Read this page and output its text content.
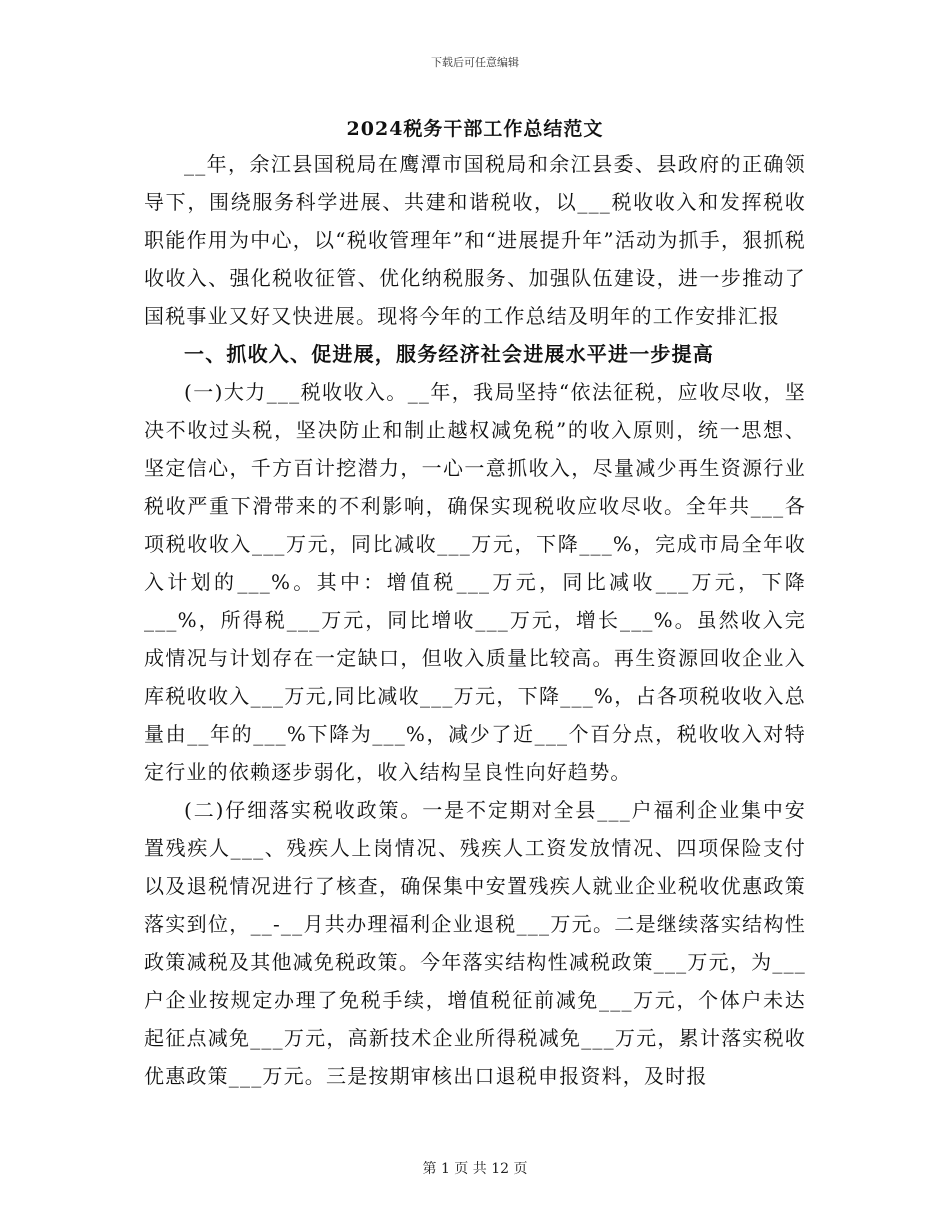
下载后可任意编辑
2024税务干部工作总结范文

__年，余江县国税局在鹰潭市国税局和余江县委、县政府的正确领导下，围绕服务科学进展、共建和谐税收，以___税收收入和发挥税收职能作用为中心，以“税收管理年”和“进展提升年”活动为抓手，狠抓税收收入、强化税收征管、优化纳税服务、加强队伍建设，进一步推动了国税事业又好又快进展。现将今年的工作总结及明年的工作安排汇报

一、抓收入、促进展，服务经济社会进展水平进一步提高

(一)大力___税收收入。__年，我局坚持“依法征税，应收尽收，坚决不收过头税，坚决防止和制止越权减免税”的收入原则，统一思想、坚定信心，千方百计挖潜力，一心一意抓收入，尽量减少再生资源行业税收严重下滑带来的不利影响，确保实现税收应收尽收。全年共___各项税收收入___万元，同比减收___万元，下降___%，完成市局全年收入计划的___%。其中：增值税___万元，同比减收___万元，下降___%，所得税___万元，同比增收___万元，增长___%。虽然收入完成情况与计划存在一定缺口，但收入质量比较高。再生资源回收企业入库税收收入___万元,同比减收___万元，下降___%，占各项税收收入总量由__年的___%下降为___%，减少了近___个百分点，税收收入对特定行业的依赖逐步弱化，收入结构呈良性向好趋势。

(二)仔细落实税收政策。一是不定期对全县___户福利企业集中安置残疾人___、残疾人上岗情况、残疾人工资发放情况、四项保险支付以及退税情况进行了核查，确保集中安置残疾人就业企业税收优惠政策落实到位，__-__月共办理福利企业退税___万元。二是继续落实结构性政策减税及其他减免税政策。今年落实结构性减税政策___万元，为___户企业按规定办理了免税手续，增值税征前减免___万元，个体户未达起征点减免___万元，高新技术企业所得税减免___万元，累计落实税收优惠政策___万元。三是按期审核出口退税申报资料，及时报

第 1 页 共 12 页
